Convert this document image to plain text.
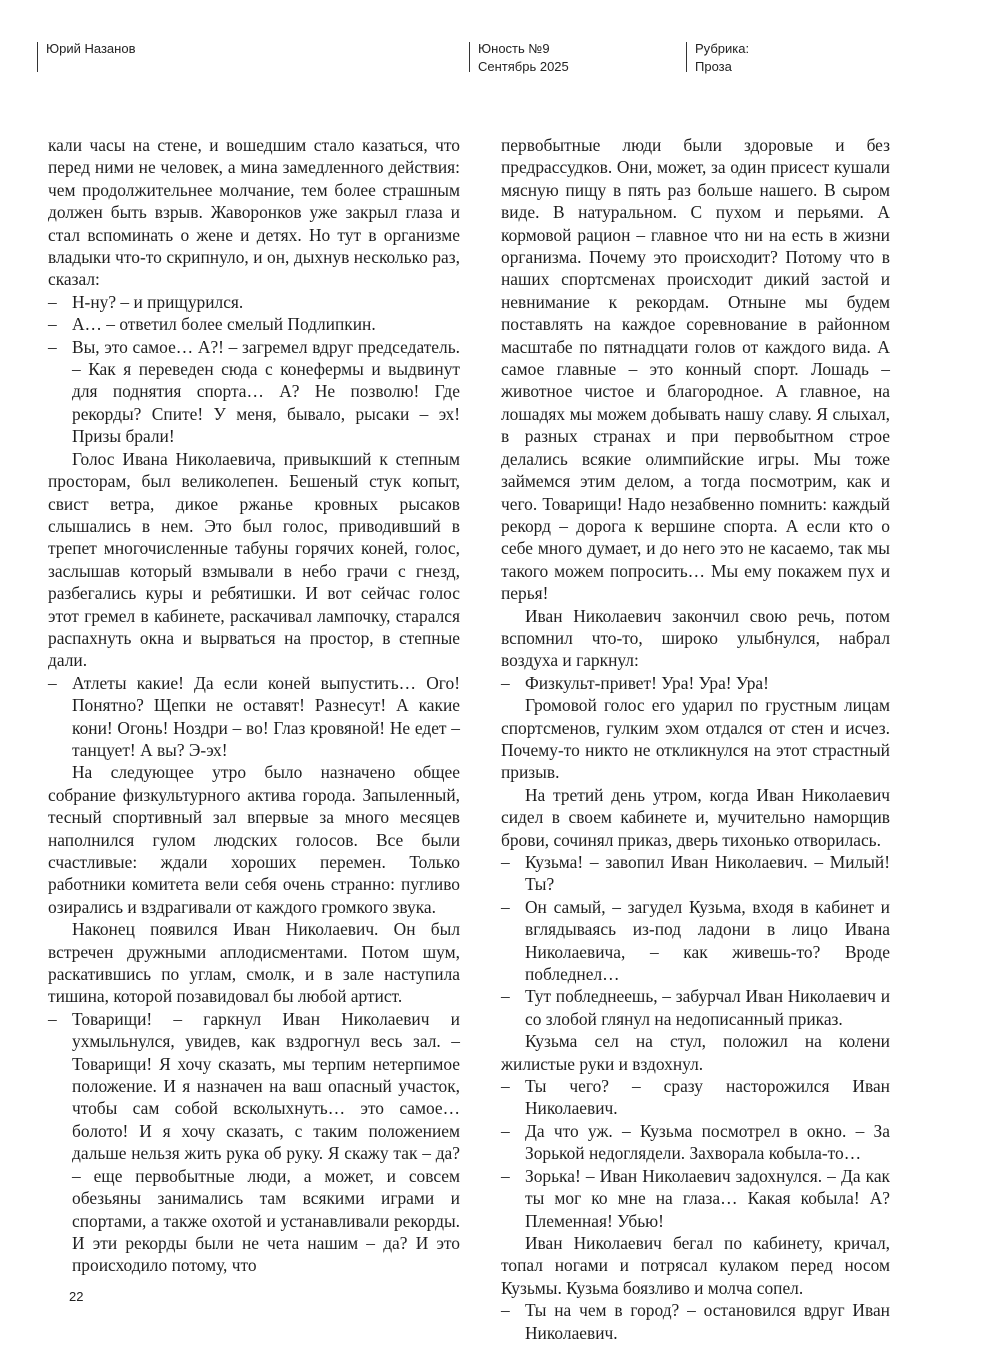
Юрий Назанов	Юность №9
Сентябрь 2025
Рубрика:
Проза

кали часы на стене, и вошедшим стало казаться, что перед ними не человек, а мина замедленного действия: чем продолжительнее молчание, тем более страшным должен быть взрыв. Жаворонков уже закрыл глаза и стал вспоминать о жене и детях. Но тут в организме владыки что-то скрипнуло, и он, дыхнув несколько раз, сказал:

– Н-ну? – и прищурился.

– А… – ответил более смелый Подлипкин.

– Вы, это самое… А?! – загремел вдруг председатель. – Как я переведен сюда с конефермы и выдвинут для поднятия спорта… А? Не позволю! Где рекорды? Спите! У меня, бывало, рысаки – эх! Призы брали!

Голос Ивана Николаевича, привыкший к степным просторам, был великолепен. Бешеный стук копыт, свист ветра, дикое ржанье кровных рысаков слышались в нем. Это был голос, приводивший в трепет многочисленные табуны горячих коней, голос, заслышав который взмывали в небо грачи с гнезд, разбегались куры и ребятишки. И вот сейчас голос этот гремел в кабинете, раскачивал лампочку, старался распахнуть окна и вырваться на простор, в степные дали.

– Атлеты какие! Да если коней выпустить… Ого! Понятно? Щепки не оставят! Разнесут! А какие кони! Огонь! Ноздри – во! Глаз кровяной! Не едет – танцует! А вы? Э-эх!

На следующее утро было назначено общее собрание физкультурного актива города. Запыленный, тесный спортивный зал впервые за много месяцев наполнился гулом людских голосов. Все были счастливые: ждали хороших перемен. Только работники комитета вели себя очень странно: пугливо озирались и вздрагивали от каждого громкого звука.

Наконец появился Иван Николаевич. Он был встречен дружными аплодисментами. Потом шум, раскатившись по углам, смолк, и в зале наступила тишина, которой позавидовал бы любой артист.

– Товарищи! – гаркнул Иван Николаевич и ухмыльнулся, увидев, как вздрогнул весь зал. – Товарищи! Я хочу сказать, мы терпим нетерпимое положение. И я назначен на ваш опасный участок, чтобы сам собой всколыхнуть… это самое… болото! И я хочу сказать, с таким положением дальше нельзя жить рука об руку. Я скажу так – да? – еще первобытные люди, а может, и совсем обезьяны занимались там всякими играми и спортами, а также охотой и устанавливали рекорды. И эти рекорды были не чета нашим – да? И это происходило потому, что

первобытные люди были здоровые и без предрассудков. Они, может, за один присест кушали мясную пищу в пять раз больше нашего. В сыром виде. В натуральном. С пухом и перьями. А кормовой рацион – главное что ни на есть в жизни организма. Почему это происходит? Потому что в наших спортсменах происходит дикий застой и невнимание к рекордам. Отныне мы будем поставлять на каждое соревнование в районном масштабе по пятнадцати голов от каждого вида. А самое главные – это конный спорт. Лошадь – животное чистое и благородное. А главное, на лошадях мы можем добывать нашу славу. Я слыхал, в разных странах и при первобытном строе делались всякие олимпийские игры. Мы тоже займемся этим делом, а тогда посмотрим, как и чего. Товарищи! Надо незабвенно помнить: каждый рекорд – дорога к вершине спорта. А если кто о себе много думает, и до него это не касаемо, так мы такого можем попросить… Мы ему покажем пух и перья!

Иван Николаевич закончил свою речь, потом вспомнил что-то, широко улыбнулся, набрал воздуха и гаркнул:

– Физкульт-привет! Ура! Ура! Ура!

Громовой голос его ударил по грустным лицам спортсменов, гулким эхом отдался от стен и исчез. Почему-то никто не откликнулся на этот страстный призыв.

На третий день утром, когда Иван Николаевич сидел в своем кабинете и, мучительно наморщив брови, сочинял приказ, дверь тихонько отворилась.

– Кузьма! – завопил Иван Николаевич. – Милый! Ты?

– Он самый, – загудел Кузьма, входя в кабинет и вглядываясь из-под ладони в лицо Ивана Николаевича, – как живешь-то? Вроде побледнел…

– Тут побледнеешь, – забурчал Иван Николаевич и со злобой глянул на недописанный приказ.

Кузьма сел на стул, положил на колени жилистые руки и вздохнул.

– Ты чего? – сразу насторожился Иван Николаевич.

– Да что уж. – Кузьма посмотрел в окно. – За Зорькой недоглядели. Захворала кобыла-то…

– Зорька! – Иван Николаевич задохнулся. – Да как ты мог ко мне на глаза… Какая кобыла! А? Племенная! Убью!

Иван Николаевич бегал по кабинету, кричал, топал ногами и потрясал кулаком перед носом Кузьмы. Кузьма боязливо и молча сопел.

– Ты на чем в город? – остановился вдруг Иван Николаевич.

22
